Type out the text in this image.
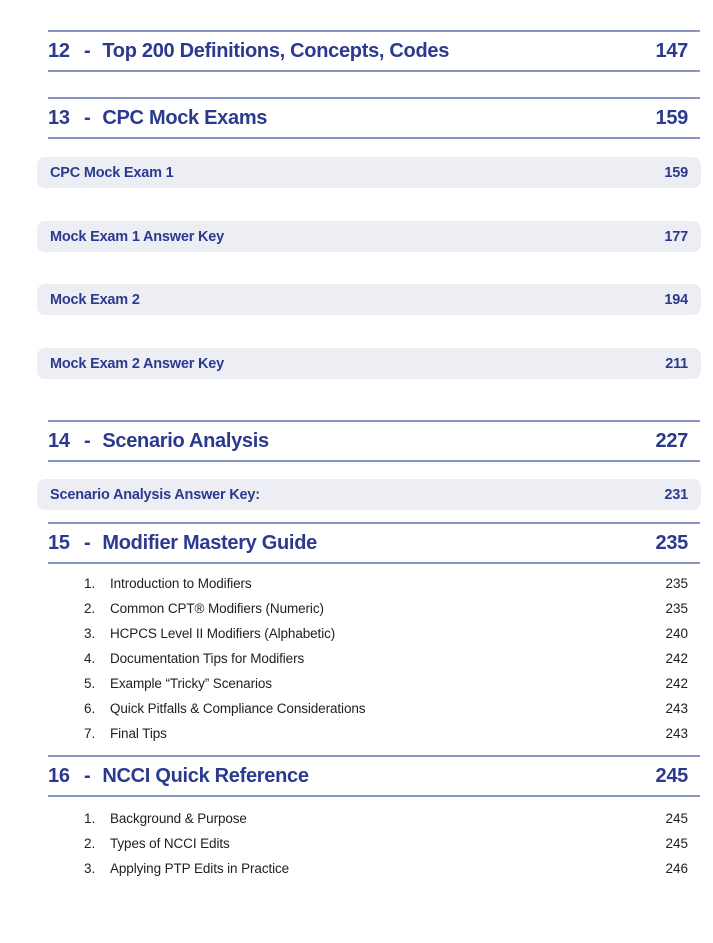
12 - Top 200 Definitions, Concepts, Codes	147
13 - CPC Mock Exams	159
CPC Mock Exam 1	159
Mock Exam 1 Answer Key	177
Mock Exam 2	194
Mock Exam 2 Answer Key	211
14 - Scenario Analysis	227
Scenario Analysis Answer Key:	231
15 - Modifier Mastery Guide	235
1.	Introduction to Modifiers	235
2.	Common CPT® Modifiers (Numeric)	235
3.	HCPCS Level II Modifiers (Alphabetic)	240
4.	Documentation Tips for Modifiers	242
5.	Example “Tricky” Scenarios	242
6.	Quick Pitfalls & Compliance Considerations	243
7.	Final Tips	243
16 - NCCI Quick Reference	245
1.	Background & Purpose	245
2.	Types of NCCI Edits	245
3.	Applying PTP Edits in Practice	246
